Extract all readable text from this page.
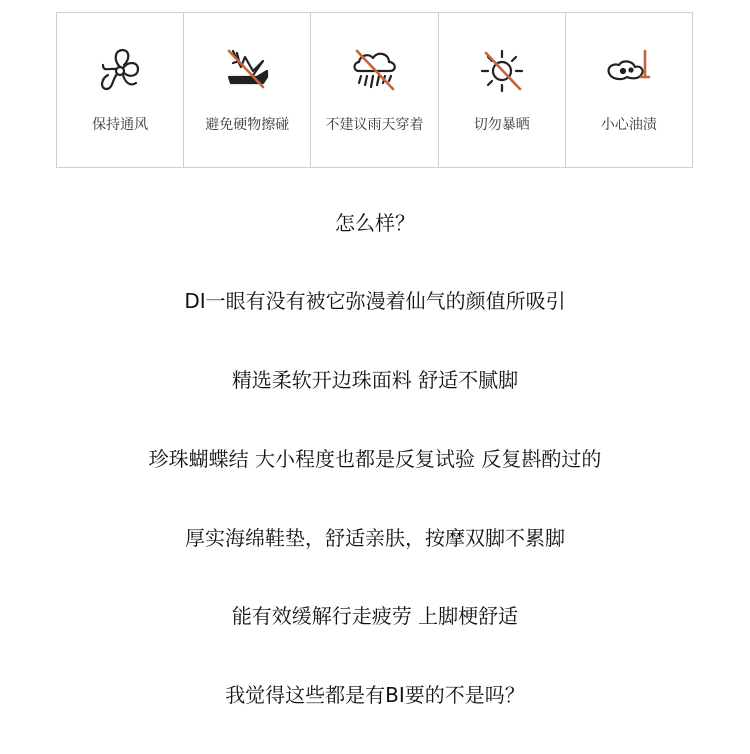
保持通风	避免硬物擦碰	不建议雨天穿着	切勿暴晒	小心油渍
怎么样？
DI一眼有没有被它弥漫着仙气的颜值所吸引
精选柔软开边珠面料 舒适不腻脚
珍珠蝴蝶结 大小程度也都是反复试验 反复斟酌过的
厚实海绵鞋垫，舒适亲肤，按摩双脚不累脚
能有效缓解行走疲劳 上脚梗舒适
我觉得这些都是有BI要的不是吗？
